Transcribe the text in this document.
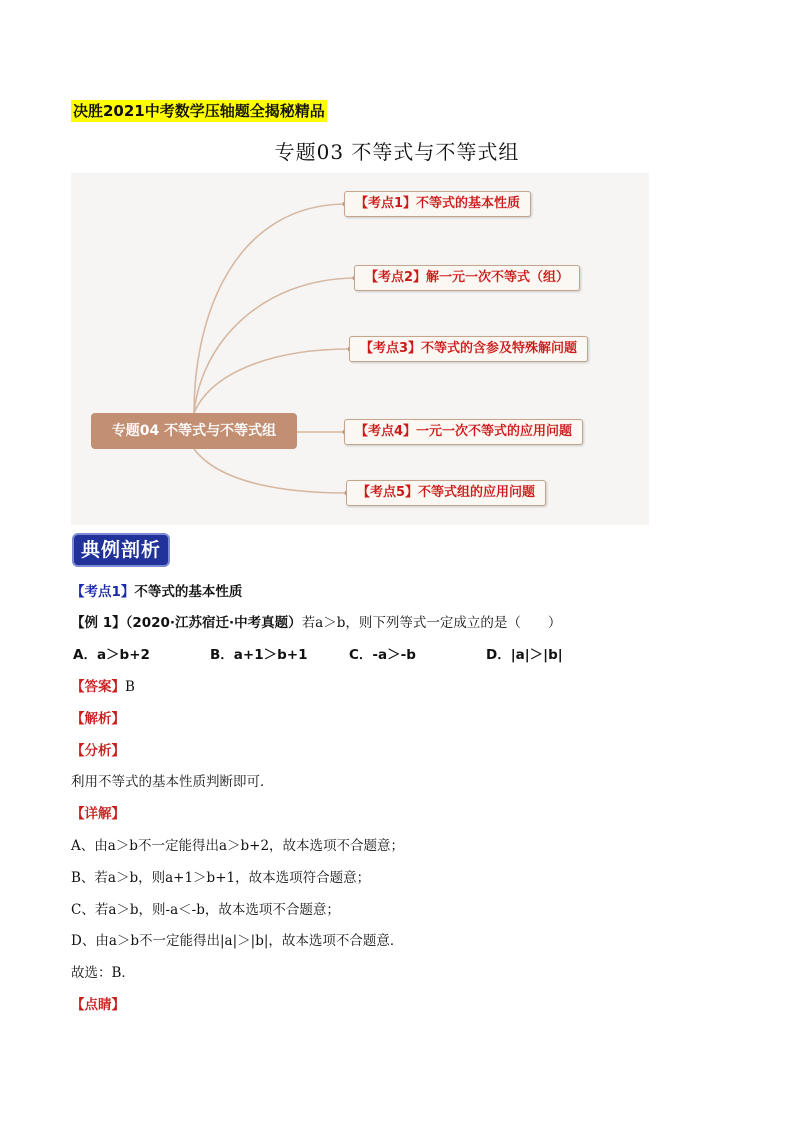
决胜2021中考数学压轴题全揭秘精品
专题03 不等式与不等式组
专题04 不等式与不等式组
【考点1】不等式的基本性质
【考点2】解一元一次不等式（组）
【考点3】不等式的含参及特殊解问题
【考点4】一元一次不等式的应用问题
【考点5】不等式组的应用问题
典例剖析
【考点1】不等式的基本性质
【例 1】（2020·江苏宿迁·中考真题）若a＞b，则下列等式一定成立的是（　　）
A．a＞b+2	B．a+1＞b+1	C．-a＞-b	D．|a|＞|b|
【答案】B
【解析】
【分析】
利用不等式的基本性质判断即可．
【详解】
A、由a＞b不一定能得出a＞b+2，故本选项不合题意；
B、若a＞b，则a+1＞b+1，故本选项符合题意；
C、若a＞b，则-a＜-b，故本选项不合题意；
D、由a＞b不一定能得出|a|＞|b|，故本选项不合题意．
故选：B．
【点睛】
